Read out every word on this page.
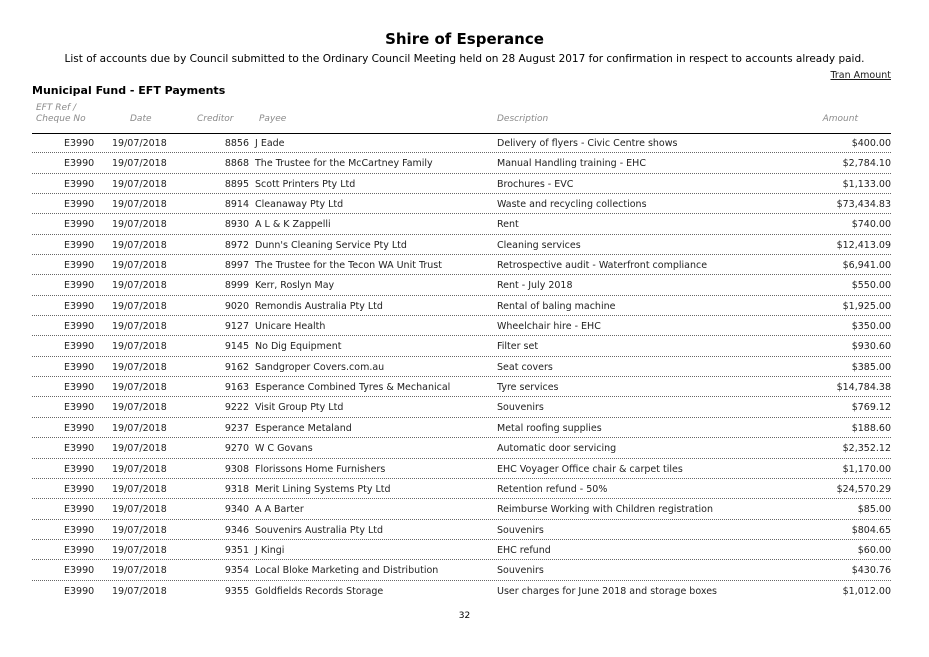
Shire of Esperance
List of accounts due by Council submitted to the Ordinary Council Meeting held on 28 August 2017 for confirmation in respect to accounts already paid.
Tran Amount
Municipal Fund - EFT Payments
EFT Ref / Cheque No	Date	Creditor	Payee	Description	Amount
E3990 19/07/2018	8856 J Eade	Delivery of flyers - Civic Centre shows	$400.00
E3990 19/07/2018	8868 The Trustee for the McCartney Family	Manual Handling training - EHC	$2,784.10
E3990 19/07/2018	8895 Scott Printers Pty Ltd	Brochures - EVC	$1,133.00
E3990 19/07/2018	8914 Cleanaway Pty Ltd	Waste and recycling collections	$73,434.83
E3990 19/07/2018	8930 A L & K Zappelli	Rent	$740.00
E3990 19/07/2018	8972 Dunn's Cleaning Service Pty Ltd	Cleaning services	$12,413.09
E3990 19/07/2018	8997 The Trustee for the Tecon WA Unit Trust	Retrospective audit - Waterfront compliance	$6,941.00
E3990 19/07/2018	8999 Kerr, Roslyn May	Rent - July 2018	$550.00
E3990 19/07/2018	9020 Remondis Australia Pty Ltd	Rental of baling machine	$1,925.00
E3990 19/07/2018	9127 Unicare Health	Wheelchair hire - EHC	$350.00
E3990 19/07/2018	9145 No Dig Equipment	Filter set	$930.60
E3990 19/07/2018	9162 Sandgroper Covers.com.au	Seat covers	$385.00
E3990 19/07/2018	9163 Esperance Combined Tyres & Mechanical	Tyre services	$14,784.38
E3990 19/07/2018	9222 Visit Group Pty Ltd	Souvenirs	$769.12
E3990 19/07/2018	9237 Esperance Metaland	Metal roofing supplies	$188.60
E3990 19/07/2018	9270 W C Govans	Automatic door servicing	$2,352.12
E3990 19/07/2018	9308 Florissons Home Furnishers	EHC Voyager Office chair & carpet tiles	$1,170.00
E3990 19/07/2018	9318 Merit Lining Systems Pty Ltd	Retention refund - 50%	$24,570.29
E3990 19/07/2018	9340 A A Barter	Reimburse Working with Children registration	$85.00
E3990 19/07/2018	9346 Souvenirs Australia Pty Ltd	Souvenirs	$804.65
E3990 19/07/2018	9351 J Kingi	EHC refund	$60.00
E3990 19/07/2018	9354 Local Bloke Marketing and Distribution	Souvenirs	$430.76
E3990 19/07/2018	9355 Goldfields Records Storage	User charges for June 2018 and storage boxes	$1,012.00
32
